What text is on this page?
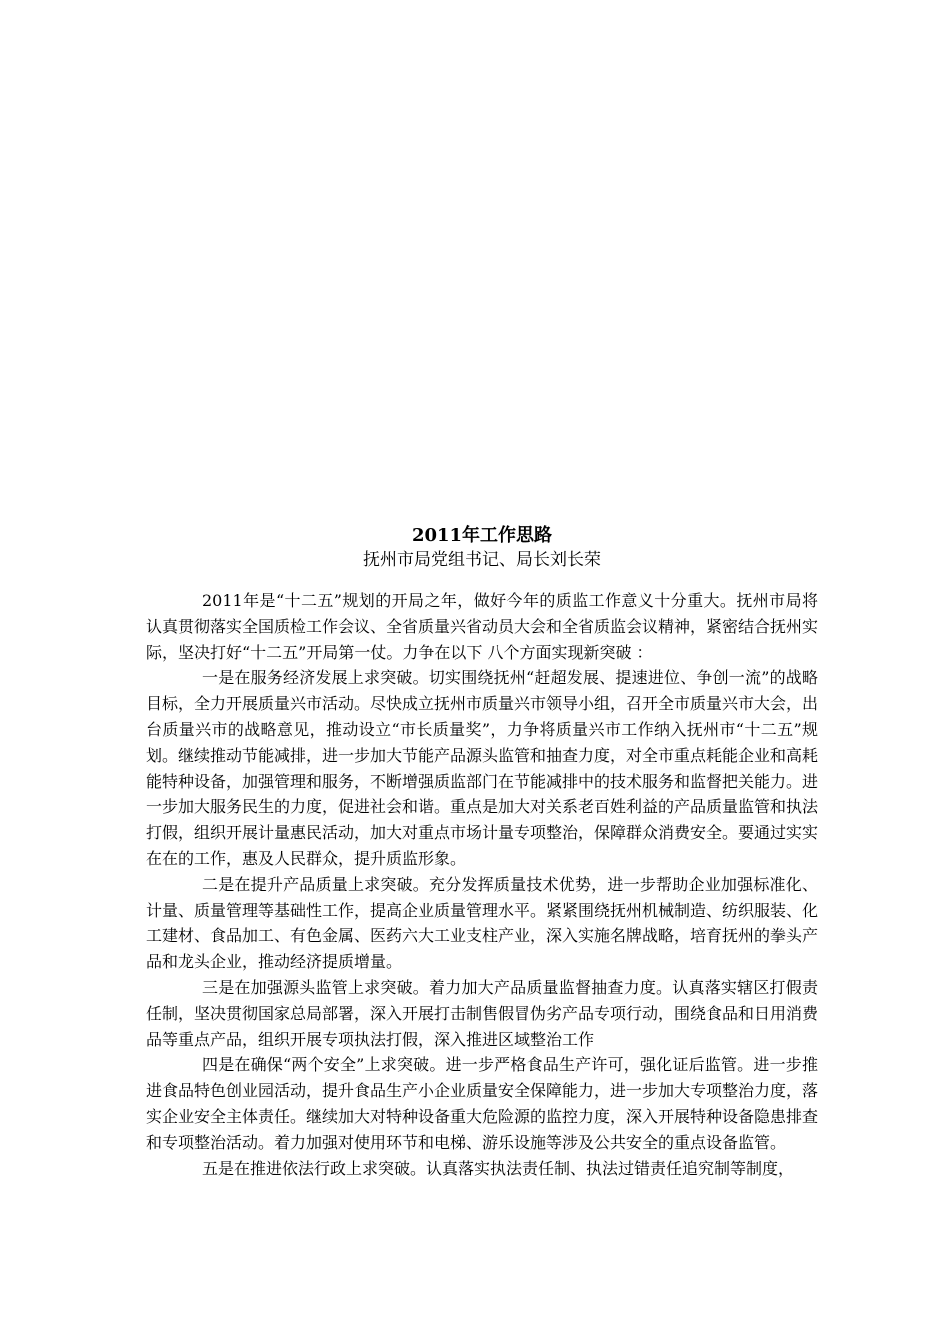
2011年工作思路
抚州市局党组书记、局长刘长荣

2011年是“十二五”规划的开局之年，做好今年的质监工作意义十分重大。抚州市局将认真贯彻落实全国质检工作会议、全省质量兴省动员大会和全省质监会议精神，紧密结合抚州实际，坚决打好“十二五”开局第一仗。力争在以下 八个方面实现新突破 ：

一是在服务经济发展上求突破。切实围绕抚州“赶超发展、提速进位、争创一流”的战略目标，全力开展质量兴市活动。尽快成立抚州市质量兴市领导小组，召开全市质量兴市大会，出台质量兴市的战略意见，推动设立“市长质量奖”，力争将质量兴市工作纳入抚州市“十二五”规划。继续推动节能减排，进一步加大节能产品源头监管和抽查力度，对全市重点耗能企业和高耗能特种设备，加强管理和服务，不断增强质监部门在节能减排中的技术服务和监督把关能力。进一步加大服务民生的力度，促进社会和谐。重点是加大对关系老百姓利益的产品质量监管和执法打假，组织开展计量惠民活动，加大对重点市场计量专项整治，保障群众消费安全。要通过实实在在的工作，惠及人民群众，提升质监形象。

二是在提升产品质量上求突破。充分发挥质量技术优势，进一步帮助企业加强标准化、计量、质量管理等基础性工作，提高企业质量管理水平。紧紧围绕抚州机械制造、纺织服装、化工建材、食品加工、有色金属、医药六大工业支柱产业，深入实施名牌战略，培育抚州的拳头产品和龙头企业，推动经济提质增量。

三是在加强源头监管上求突破。着力加大产品质量监督抽查力度。认真落实辖区打假责任制，坚决贯彻国家总局部署，深入开展打击制售假冒伪劣产品专项行动，围绕食品和日用消费品等重点产品，组织开展专项执法打假，深入推进区域整治工作

四是在确保“两个安全”上求突破。进一步严格食品生产许可，强化证后监管。进一步推进食品特色创业园活动，提升食品生产小企业质量安全保障能力，进一步加大专项整治力度，落实企业安全主体责任。继续加大对特种设备重大危险源的监控力度，深入开展特种设备隐患排查和专项整治活动。着力加强对使用环节和电梯、游乐设施等涉及公共安全的重点设备监管。

五是在推进依法行政上求突破。认真落实执法责任制、执法过错责任追究制等制度，
